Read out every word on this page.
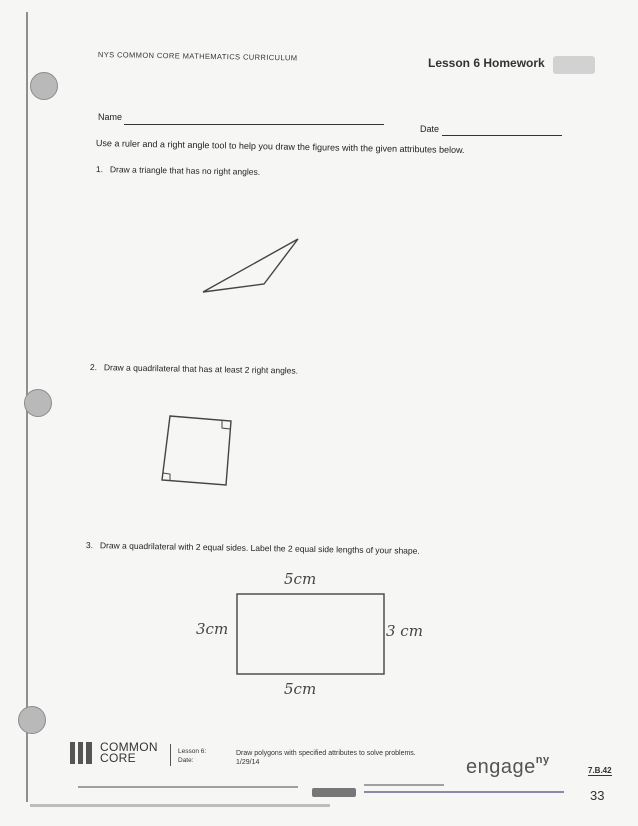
NYS COMMON CORE MATHEMATICS CURRICULUM	Lesson 6 Homework
Name
Date
Use a ruler and a right angle tool to help you draw the figures with the given attributes below.
1. Draw a triangle that has no right angles.
2. Draw a quadrilateral that has at least 2 right angles.
3. Draw a quadrilateral with 2 equal sides. Label the 2 equal side lengths of your shape.
5cm
3cm	3 cm
5cm
COMMON
CORE	Lesson 6:
Date:
Draw polygons with specified attributes to solve problems.
1/29/14	engage$^{ny}$
7.B.42
33
